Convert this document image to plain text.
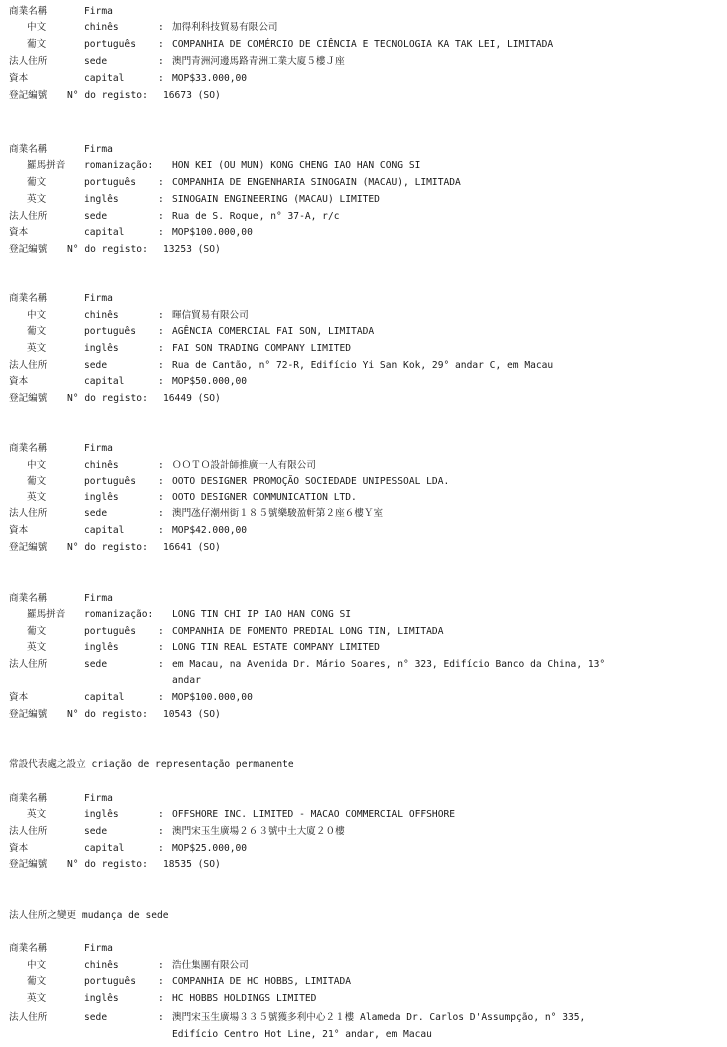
商業名稱	Firma
中文	chinês	: 加得利科技貿易有限公司
葡文	português : COMPANHIA DE COMÉRCIO DE CIÊNCIA E TECNOLOGIA KA TAK LEI, LIMITADA
法人住所	sede	: 澳門青洲河邊馬路青洲工業大廈５樓Ｊ座
資本	capital	: MOP$33.000,00
登記編號 N° do registo: 16673 (SO)
商業名稱	Firma
羅馬拼音 romanização: HON KEI (OU MUN) KONG CHENG IAO HAN CONG SI
葡文	português : COMPANHIA DE ENGENHARIA SINOGAIN (MACAU), LIMITADA
英文	inglês	: SINOGAIN ENGINEERING (MACAU) LIMITED
法人住所	sede	: Rua de S. Roque, n° 37-A, r/c
資本	capital	: MOP$100.000,00
登記編號 N° do registo: 13253 (SO)
商業名稱	Firma
中文	chinês	: 暉信貿易有限公司
葡文	português : AGÊNCIA COMERCIAL FAI SON, LIMITADA
英文	inglês	: FAI SON TRADING COMPANY LIMITED
法人住所	sede	: Rua de Cantão, n° 72-R, Edifício Yi San Kok, 29° andar C, em Macau
資本	capital	: MOP$50.000,00
登記編號 N° do registo: 16449 (SO)
商業名稱	Firma
中文	chinês	: ＯＯＴＯ設計師推廣一人有限公司
葡文	português : OOTO DESIGNER PROMOÇÃO SOCIEDADE UNIPESSOAL LDA.
英文	inglês	: OOTO DESIGNER COMMUNICATION LTD.
法人住所	sede	: 澳門氹仔潮州街１８５號樂駿盈軒第２座６樓Ｙ室
資本	capital	: MOP$42.000,00
登記編號 N° do registo: 16641 (SO)
商業名稱	Firma
羅馬拼音 romanização: LONG TIN CHI IP IAO HAN CONG SI
葡文	português : COMPANHIA DE FOMENTO PREDIAL LONG TIN, LIMITADA
英文	inglês	: LONG TIN REAL ESTATE COMPANY LIMITED
法人住所	sede	: em Macau, na Avenida Dr. Mário Soares, n° 323, Edifício Banco da China, 13°
andar
資本	capital	: MOP$100.000,00
登記編號 N° do registo: 10543 (SO)
常設代表處之設立 criação de representação permanente
商業名稱	Firma
英文	inglês	: OFFSHORE INC. LIMITED - MACAO COMMERCIAL OFFSHORE
法人住所	sede	: 澳門宋玉生廣場２６３號中土大廈２０樓
資本	capital	: MOP$25.000,00
登記編號 N° do registo: 18535 (SO)
法人住所之變更 mudança de sede
商業名稱	Firma
中文	chinês	: 浩仕集團有限公司
葡文	português : COMPANHIA DE HC HOBBS, LIMITADA
英文	inglês	: HC HOBBS HOLDINGS LIMITED
法人住所	sede	: 澳門宋玉生廣場３３５號獲多利中心２１樓 Alameda Dr. Carlos D'Assumpção, n° 335,
Edifício Centro Hot Line, 21° andar, em Macau
